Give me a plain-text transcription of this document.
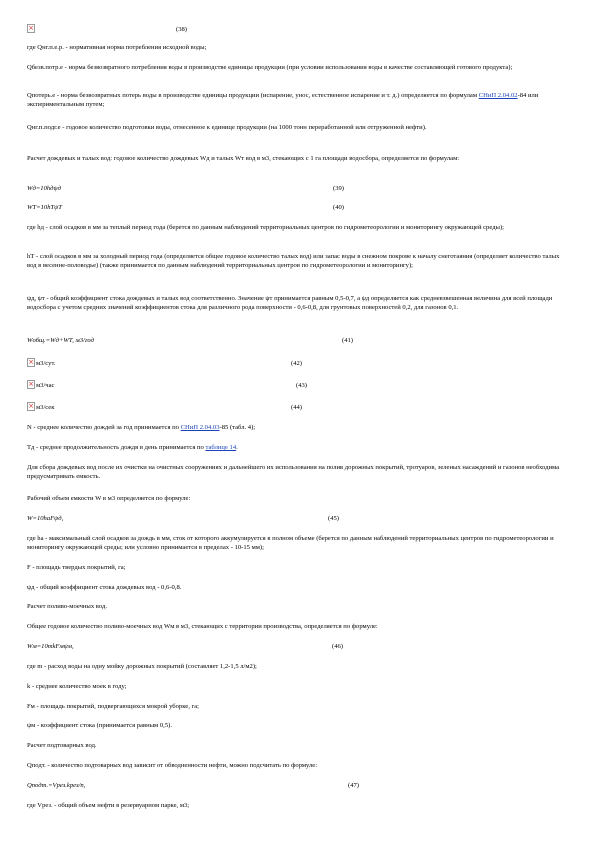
×
(38)
где Qнг.п.е.р. - нормативная норма потребления исходной воды;
Qбезв.потр.е - норма безвозвратного потребления воды в производстве единицы продукции (при условии использования воды в качестве составляющей готового продукта);
Qпотерь.е - норма безвозвратных потерь воды в производстве единицы продукции (испарение, унос, естественное испарение и т. д.) определяется по формулам СНиП 2.04.02-84 или экспериментальным путем;
Qнг.п.подг.е - годовое количество подготовки воды, отнесенное к единице продукции (на 1000 тонн переработанной или отгруженной нефти).
Расчет дождевых и талых вод: годовое количество дождевых Wд и талых Wт вод в м3, стекающих с 1 га площади водосбора, определяется по формулам:
Wд=10hдψд	(39)
WТ=10hТψТ	(40)
где hд - слой осадков в мм за теплый период года (берется по данным наблюдений территориальных центров по гидрометеорологии и мониторингу окружающей среды);
hТ - слой осадков в мм за холодный период года (определяется общее годовое количество талых вод) или запас воды в снежном покрове к началу снеготаяния (определяет количество талых вод в весенне-половодье) (также принимается по данным наблюдений территориальных центров по гидрометеорологии и мониторингу);
ψд, ψт - общий коэффициент стока дождевых и талых вод соответственно. Значение ψт принимается равным 0,5-0,7, а ψд определяется как средневзвешенная величина для всей площади водосбора с учетом средних значений коэффициентов стока для различного рода поверхности - 0,6-0,8, для грунтовых поверхностей 0,2, для газонов 0,1.
Wобщ.=Wд+WТ, м3/год	(41)
×м3/сут.	(42)
×м3/час	(43)
×м3/сек	(44)
N - среднее количество дождей за год принимается по СНиП 2.04.03-85 (табл. 4);
Тд - среднее продолжительность дождя в день принимается по таблице 14.
Для сбора дождевых вод после их очистки на очистных сооружениях и дальнейшего их использования на полив дорожных покрытий, тротуаров, зеленых насаждений и газонов необходима предусматривать емкость.
Рабочий объем емкости W в м3 определяется по формуле:
W=10hаFψд,	(45)
где hа - максимальный слой осадков за дождь в мм, сток от которого аккумулируется в полном объеме (берется по данным наблюдений территориальных центров по гидрометеорологии и мониторингу окружающей среды; или условно принимается в пределах - 10-15 мм);
F - площадь твердых покрытий, га;
ψд - общий коэффициент стока дождевых вод - 0,6-0,8.
Расчет поливо-моечных вод.
Общее годовое количество поливо-моечных вод Wм в м3, стекающих с территории производства, определяется по формуле:
Wм=10mkFмψм,	(46)
где m - расход воды на одну мойку дорожных покрытий (составляет 1,2-1,5 л/м2);
k - среднее количество моек в году;
Fм - площадь покрытий, подвергающихся мокрой уборке, га;
ψм - коэффициент стока (принимается равным 0,5).
Расчет подтоварных вод.
Qподт. - количество подтоварных вод зависит от обводненности нефти, можно подсчитать по формуле:
Qподт.=Vрез.kрез/n,	(47)
где Vрез. - общий объем нефти в резервуарном парке, м3;
